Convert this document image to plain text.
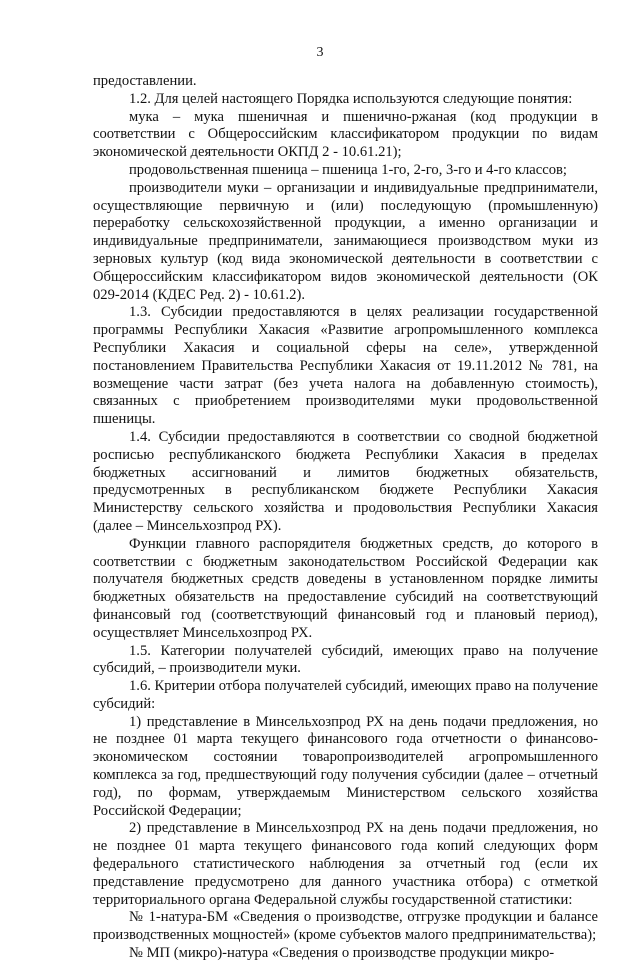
3

предоставлении.

1.2. Для целей настоящего Порядка используются следующие понятия:

мука – мука пшеничная и пшенично-ржаная (код продукции в соответствии с Общероссийским классификатором продукции по видам экономической деятельности ОКПД 2 - 10.61.21);

продовольственная пшеница – пшеница 1-го, 2-го, 3-го и 4-го классов;

производители муки – организации и индивидуальные предприниматели, осуществляющие первичную и (или) последующую (промышленную) переработку сельскохозяйственной продукции, а именно организации и индивидуальные предприниматели, занимающиеся производством муки из зерновых культур (код вида экономической деятельности в соответствии с Общероссийским классификатором видов экономической деятельности (ОК 029-2014 (КДЕС Ред. 2) - 10.61.2).

1.3. Субсидии предоставляются в целях реализации государственной программы Республики Хакасия «Развитие агропромышленного комплекса Республики Хакасия и социальной сферы на селе», утвержденной постановлением Правительства Республики Хакасия от 19.11.2012 № 781, на возмещение части затрат (без учета налога на добавленную стоимость), связанных с приобретением производителями муки продовольственной пшеницы.

1.4. Субсидии предоставляются в соответствии со сводной бюджетной росписью республиканского бюджета Республики Хакасия в пределах бюджетных ассигнований и лимитов бюджетных обязательств, предусмотренных в республиканском бюджете Республики Хакасия Министерству сельского хозяйства и продовольствия Республики Хакасия (далее – Минсельхозпрод РХ).

Функции главного распорядителя бюджетных средств, до которого в соответствии с бюджетным законодательством Российской Федерации как получателя бюджетных средств доведены в установленном порядке лимиты бюджетных обязательств на предоставление субсидий на соответствующий финансовый год (соответствующий финансовый год и плановый период), осуществляет Минсельхозпрод РХ.

1.5. Категории получателей субсидий, имеющих право на получение субсидий, – производители муки.

1.6. Критерии отбора получателей субсидий, имеющих право на получение субсидий:

1) представление в Минсельхозпрод РХ на день подачи предложения, но не позднее 01 марта текущего финансового года отчетности о финансово-экономическом состоянии товаропроизводителей агропромышленного комплекса за год, предшествующий году получения субсидии (далее – отчетный год), по формам, утверждаемым Министерством сельского хозяйства Российской Федерации;

2) представление в Минсельхозпрод РХ на день подачи предложения, но не позднее 01 марта текущего финансового года копий следующих форм федерального статистического наблюдения за отчетный год (если их представление предусмотрено для данного участника отбора) с отметкой территориального органа Федеральной службы государственной статистики:

№ 1-натура-БМ «Сведения о производстве, отгрузке продукции и балансе производственных мощностей» (кроме субъектов малого предпринимательства);

№ МП (микро)-натура «Сведения о производстве продукции микро-
